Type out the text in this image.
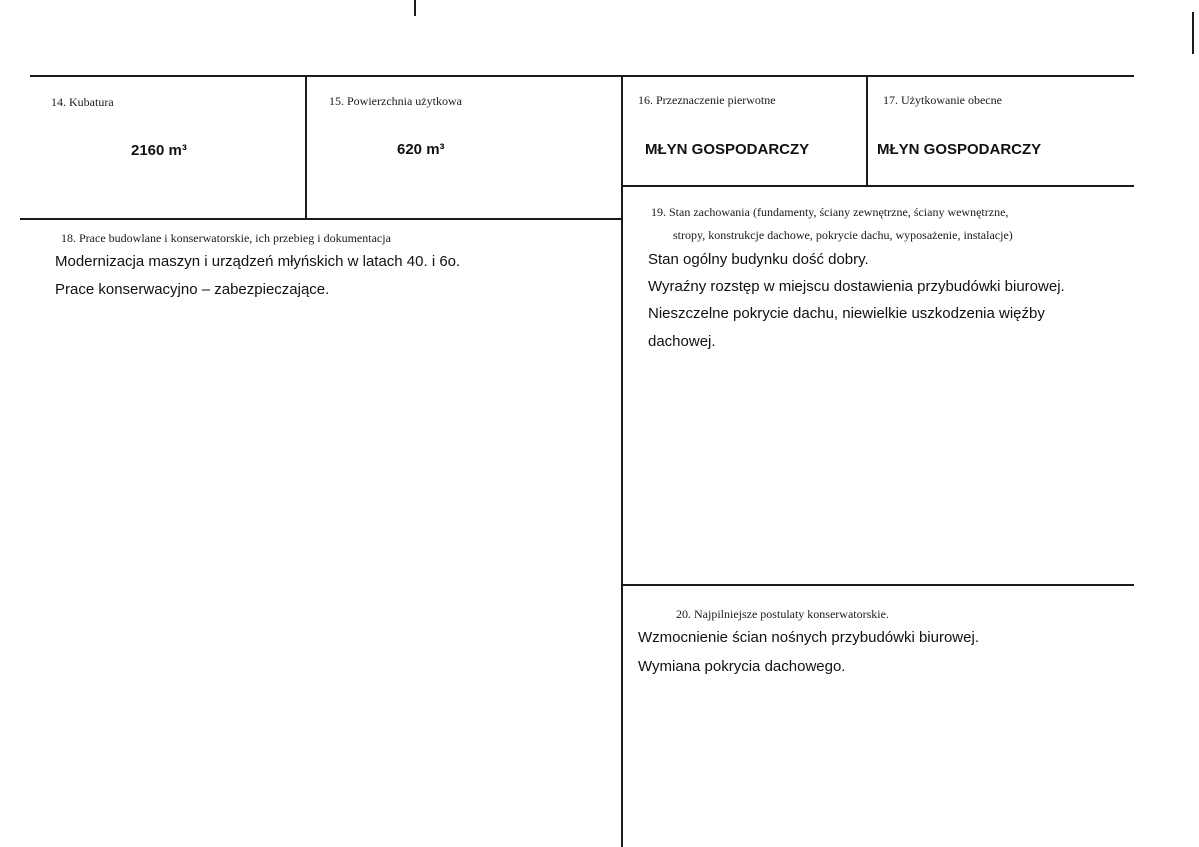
14. Kubatura
2160 m³
15. Powierzchnia użytkowa
620 m³
16. Przeznaczenie pierwotne
MŁYN GOSPODARCZY
17. Użytkowanie obecne
MŁYN GOSPODARCZY
18. Prace budowlane i konserwatorskie, ich przebieg i dokumentacja
Modernizacja maszyn i urządzeń młyńskich w latach 40. i 6o.
Prace konserwacyjno – zabezpieczające.
19. Stan zachowania (fundamenty, ściany zewnętrzne, ściany wewnętrzne,
stropy, konstrukcje dachowe, pokrycie dachu, wyposażenie, instalacje)
Stan ogólny budynku dość dobry.
Wyraźny rozstęp w miejscu dostawienia przybudówki biurowej.
Nieszczelne pokrycie dachu, niewielkie uszkodzenia więźby
dachowej.
20. Najpilniejsze postulaty konserwatorskie.
Wzmocnienie ścian nośnych przybudówki biurowej.
Wymiana pokrycia dachowego.
